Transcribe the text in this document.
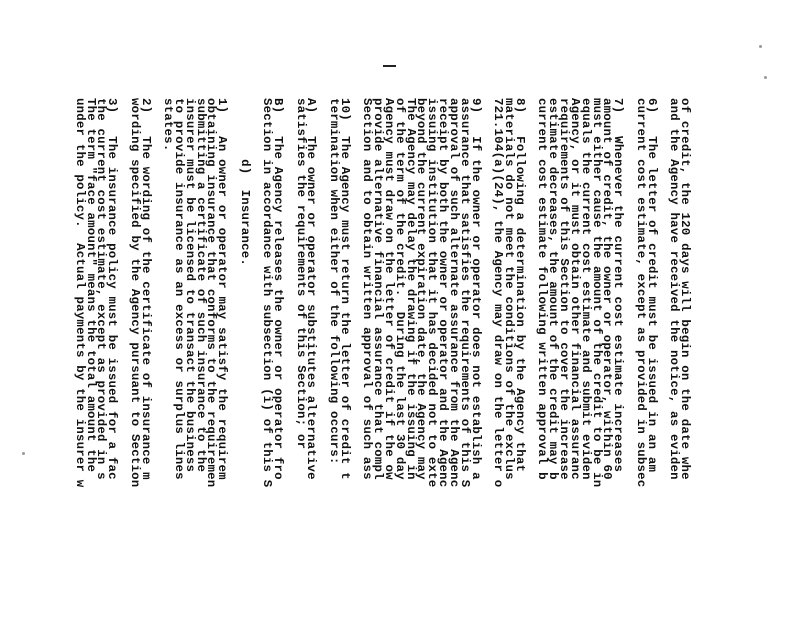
of credit, the 120 days will begin on the date whe
and the Agency have received the notice, as eviden
6)   The letter of credit must be issued in an am
current cost estimate, except as provided in subsec
7)   Whenever the current cost estimate increases
amount of credit, the owner or operator, within 60
must either cause the amount of the credit to be in
equals the current cost estimate and submit eviden
Agency, or it must obtain other financial assuranc
requirements of this Section to cover the increase
estimate decreases, the amount of the credit may b
current cost estimate following written approval b
8)   Following a determination by the Agency that
materials do not meet the conditions of the exclus
721.104(a)(24), the Agency may draw on the letter o
9)   If the owner or operator does not establish a
assurance that satisfies the requirements of this S
approval of such alternate assurance from the Agenc
receipt by both the owner or operator and the Agenc
issuing institution that it has decided not to exte
beyond the current expiration date, the Agency may
The Agency may delay the drawing if the issuing in
of the term of the credit.  During the last 30 day
Agency must draw on the letter of credit if the ow
provide alternative financial assurance that compl
Section and to obtain written approval of such ass
10)  The Agency must return the letter of credit t
termination when either of the following occurs:
A)   The owner or operator substitutes alternative
satisfies the requirements of this Section; or
B)   The Agency releases the owner or operator fro
Section in accordance with subsection (i) of this S
d)  Insurance.
1)   An owner or operator may satisfy the requirem
obtaining insurance that conforms to the requiremen
submitting a certificate of such insurance to the
insurer must be licensed to transact the business
to provide insurance as an excess or surplus lines
states.
2)   The wording of the certificate of insurance m
wording specified by the Agency pursuant to Section
3)   The insurance policy must be issued for a fac
the current cost estimate, except as provided in s
The term "face amount" means the total amount the
under the policy.  Actual payments by the insurer w
